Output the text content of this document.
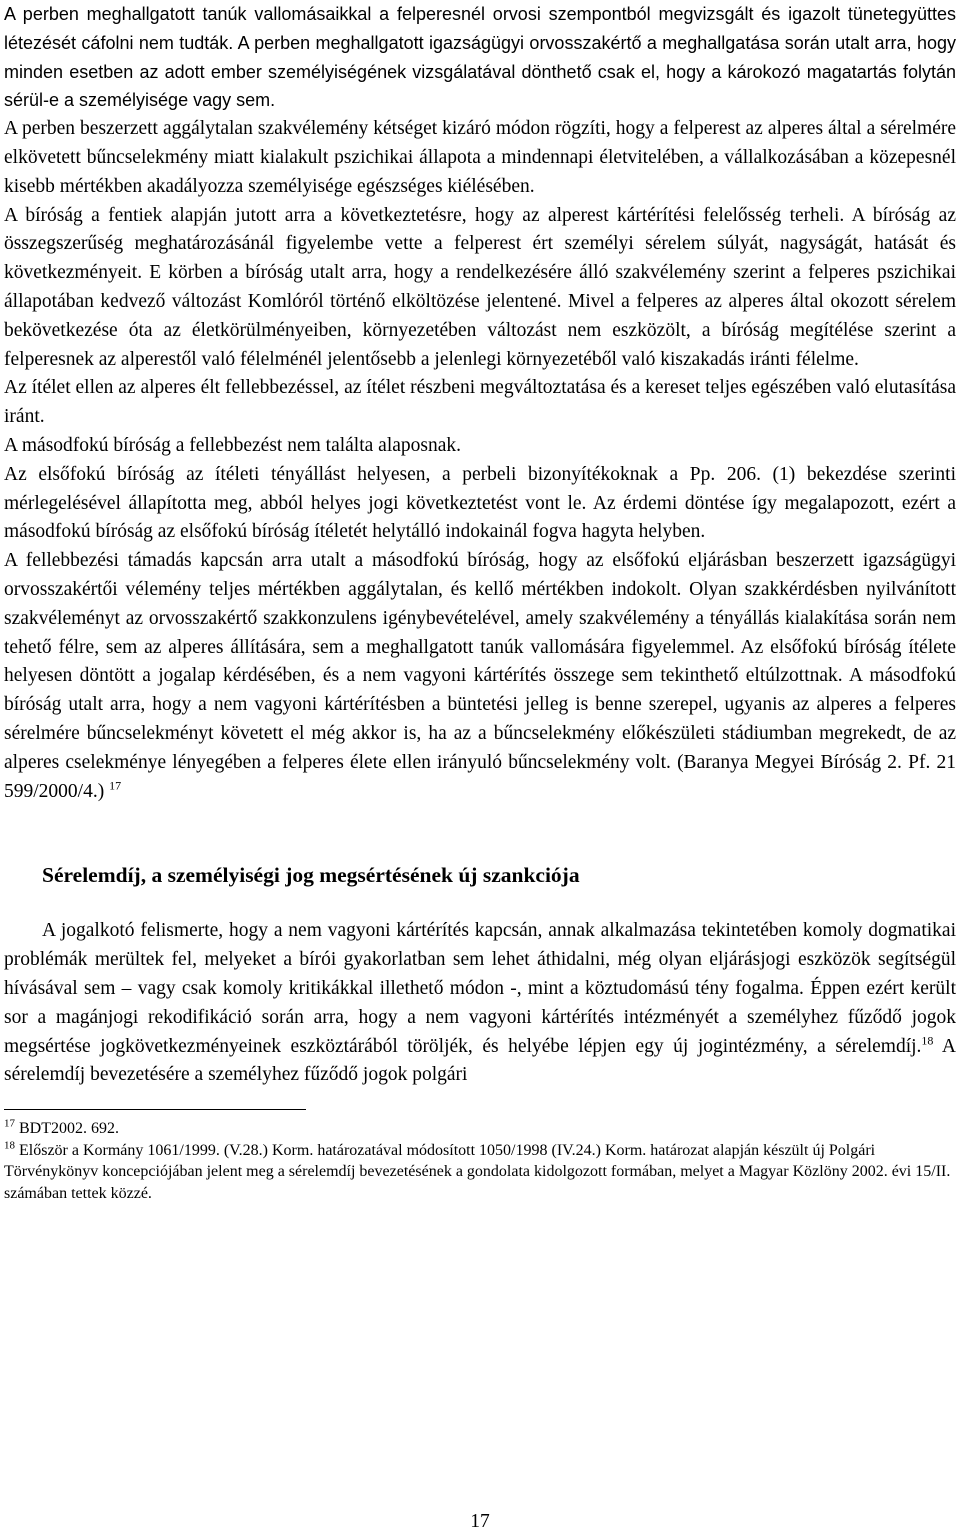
A perben meghallgatott tanúk vallomásaikkal a felperesnél orvosi szempontból megvizsgált és igazolt tünetegyüttes létezését cáfolni nem tudták. A perben meghallgatott igazságügyi orvosszakértő a meghallgatása során utalt arra, hogy minden esetben az adott ember személyiségének vizsgálatával dönthető csak el, hogy a károkozó magatartás folytán sérül-e a személyisége vagy sem.

A perben beszerzett aggálytalan szakvélemény kétséget kizáró módon rögzíti, hogy a felperest az alperes által a sérelmére elkövetett bűncselekmény miatt kialakult pszichikai állapota a mindennapi életvitelében, a vállalkozásában a közepesnél kisebb mértékben akadályozza személyisége egészséges kiélésében.

A bíróság a fentiek alapján jutott arra a következtetésre, hogy az alperest kártérítési felelősség terheli. A bíróság az összegszerűség meghatározásánál figyelembe vette a felperest ért személyi sérelem súlyát, nagyságát, hatását és következményeit. E körben a bíróság utalt arra, hogy a rendelkezésére álló szakvélemény szerint a felperes pszichikai állapotában kedvező változást Komlóról történő elköltözése jelentené. Mivel a felperes az alperes által okozott sérelem bekövetkezése óta az életkörülményeiben, környezetében változást nem eszközölt, a bíróság megítélése szerint a felperesnek az alperestől való félelménél jelentősebb a jelenlegi környezetéből való kiszakadás iránti félelme.

Az ítélet ellen az alperes élt fellebbezéssel, az ítélet részbeni megváltoztatása és a kereset teljes egészében való elutasítása iránt.

A másodfokú bíróság a fellebbezést nem találta alaposnak.

Az elsőfokú bíróság az ítéleti tényállást helyesen, a perbeli bizonyítékoknak a Pp. 206. (1) bekezdése szerinti mérlegelésével állapította meg, abból helyes jogi következtetést vont le. Az érdemi döntése így megalapozott, ezért a másodfokú bíróság az elsőfokú bíróság ítéletét helytálló indokainál fogva hagyta helyben.

A fellebbezési támadás kapcsán arra utalt a másodfokú bíróság, hogy az elsőfokú eljárásban beszerzett igazságügyi orvosszakértői vélemény teljes mértékben aggálytalan, és kellő mértékben indokolt. Olyan szakkérdésben nyilvánított szakvéleményt az orvosszakértő szakkonzulens igénybevételével, amely szakvélemény a tényállás kialakítása során nem tehető félre, sem az alperes állítására, sem a meghallgatott tanúk vallomására figyelemmel. Az elsőfokú bíróság ítélete helyesen döntött a jogalap kérdésében, és a nem vagyoni kártérítés összege sem tekinthető eltúlzottnak. A másodfokú bíróság utalt arra, hogy a nem vagyoni kártérítésben a büntetési jelleg is benne szerepel, ugyanis az alperes a felperes sérelmére bűncselekményt követett el még akkor is, ha az a bűncselekmény előkészületi stádiumban megrekedt, de az alperes cselekménye lényegében a felperes élete ellen irányuló bűncselekmény volt. (Baranya Megyei Bíróság 2. Pf. 21 599/2000/4.) $^{17}$

Sérelemdíj, a személyiségi jog megsértésének új szankciója

A jogalkotó felismerte, hogy a nem vagyoni kártérítés kapcsán, annak alkalmazása tekintetében komoly dogmatikai problémák merültek fel, melyeket a bírói gyakorlatban sem lehet áthidalni, még olyan eljárásjogi eszközök segítségül hívásával sem – vagy csak komoly kritikákkal illethető módon -, mint a köztudomású tény fogalma. Éppen ezért került sor a magánjogi rekodifikáció során arra, hogy a nem vagyoni kártérítés intézményét a személyhez fűződő jogok megsértése jogkövetkezményeinek eszköztárából töröljék, és helyébe lépjen egy új jogintézmény, a sérelemdíj.$^{18}$ A sérelemdíj bevezetésére a személyhez fűződő jogok polgári

$^{17}$ BDT2002. 692.

$^{18}$ Először a Kormány 1061/1999. (V.28.) Korm. határozatával módosított 1050/1998 (IV.24.) Korm. határozat alapján készült új Polgári Törvénykönyv koncepciójában jelent meg a sérelemdíj bevezetésének a gondolata kidolgozott formában, melyet a Magyar Közlöny 2002. évi 15/II. számában tettek közzé.

17
